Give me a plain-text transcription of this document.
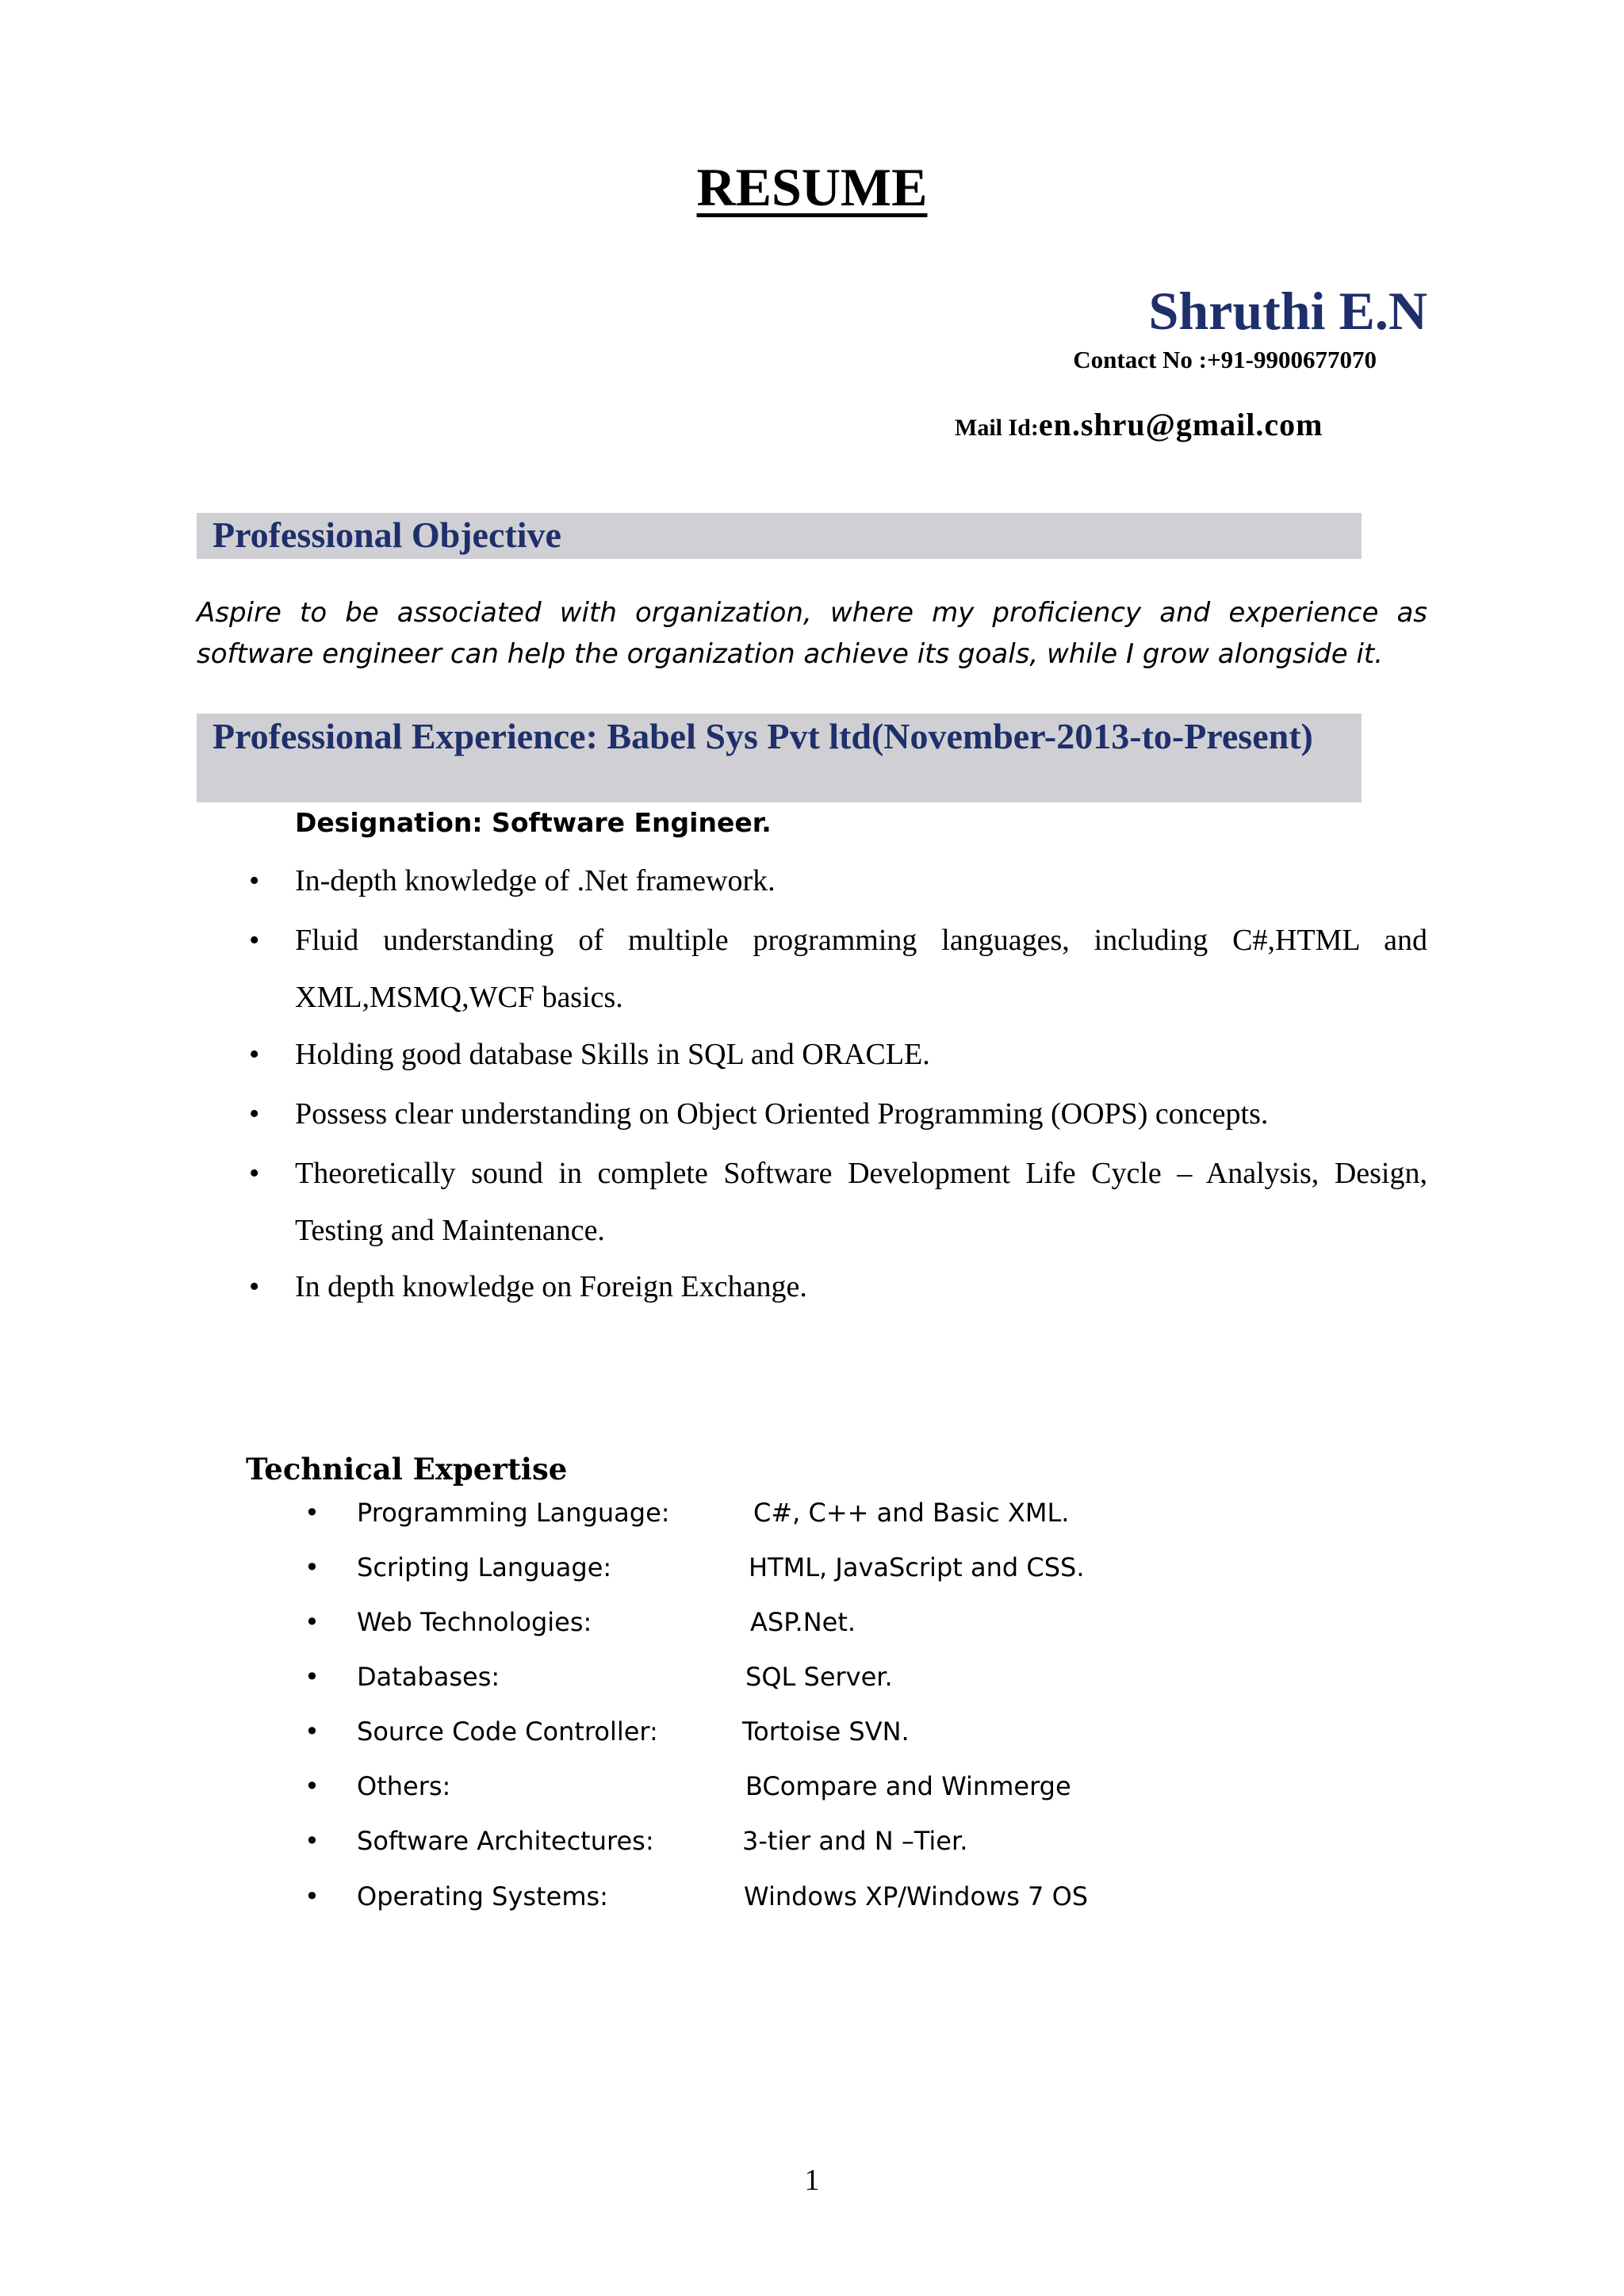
RESUME
Shruthi E.N
Contact No :+91-9900677070
Mail Id:en.shru@gmail.com
Professional Objective
Aspire to be associated with organization, where my proficiency and experience as software engineer can help the organization achieve its goals, while I grow alongside it.
Professional Experience: Babel Sys Pvt ltd(November-2013-to-Present)
Designation: Software Engineer.
• In-depth knowledge of .Net framework.
• Fluid understanding of multiple programming languages, including C#,HTML and XML,MSMQ,WCF basics.
• Holding good database Skills in SQL and ORACLE.
• Possess clear understanding on Object Oriented Programming (OOPS) concepts.
• Theoretically sound in complete Software Development Life Cycle – Analysis, Design, Testing and Maintenance.
• In depth knowledge on Foreign Exchange.
Technical Expertise
• Programming Language:	C#, C++ and Basic XML.
• Scripting Language:	HTML, JavaScript and CSS.
• Web Technologies:	ASP.Net.
• Databases:	SQL Server.
• Source Code Controller:	Tortoise SVN.
• Others:	BCompare and Winmerge
• Software Architectures:	3-tier and N –Tier.
• Operating Systems:	Windows XP/Windows 7 OS
1
